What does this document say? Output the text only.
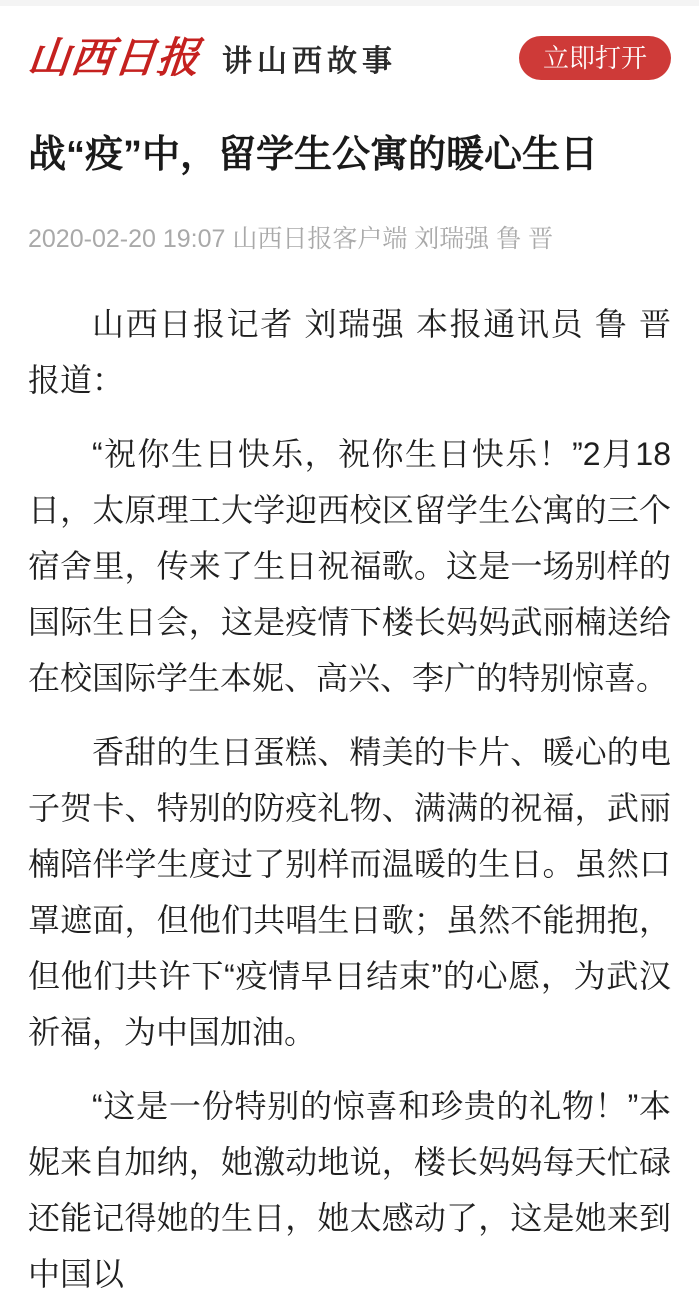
山西日报 讲山西故事	立即打开
战“疫”中，留学生公寓的暖心生日
2020-02-20 19:07 山西日报客户端 刘瑞强 鲁 晋

山西日报记者 刘瑞强 本报通讯员 鲁 晋报道：

“祝你生日快乐，祝你生日快乐！”2月18日，太原理工大学迎西校区留学生公寓的三个宿舍里，传来了生日祝福歌。这是一场别样的国际生日会，这是疫情下楼长妈妈武丽楠送给在校国际学生本妮、高兴、李广的特别惊喜。

香甜的生日蛋糕、精美的卡片、暖心的电子贺卡、特别的防疫礼物、满满的祝福，武丽楠陪伴学生度过了别样而温暖的生日。虽然口罩遮面，但他们共唱生日歌；虽然不能拥抱，但他们共许下“疫情早日结束”的心愿，为武汉祈福，为中国加油。

“这是一份特别的惊喜和珍贵的礼物！”本妮来自加纳，她激动地说，楼长妈妈每天忙碌还能记得她的生日，她太感动了，这是她来到中国以
